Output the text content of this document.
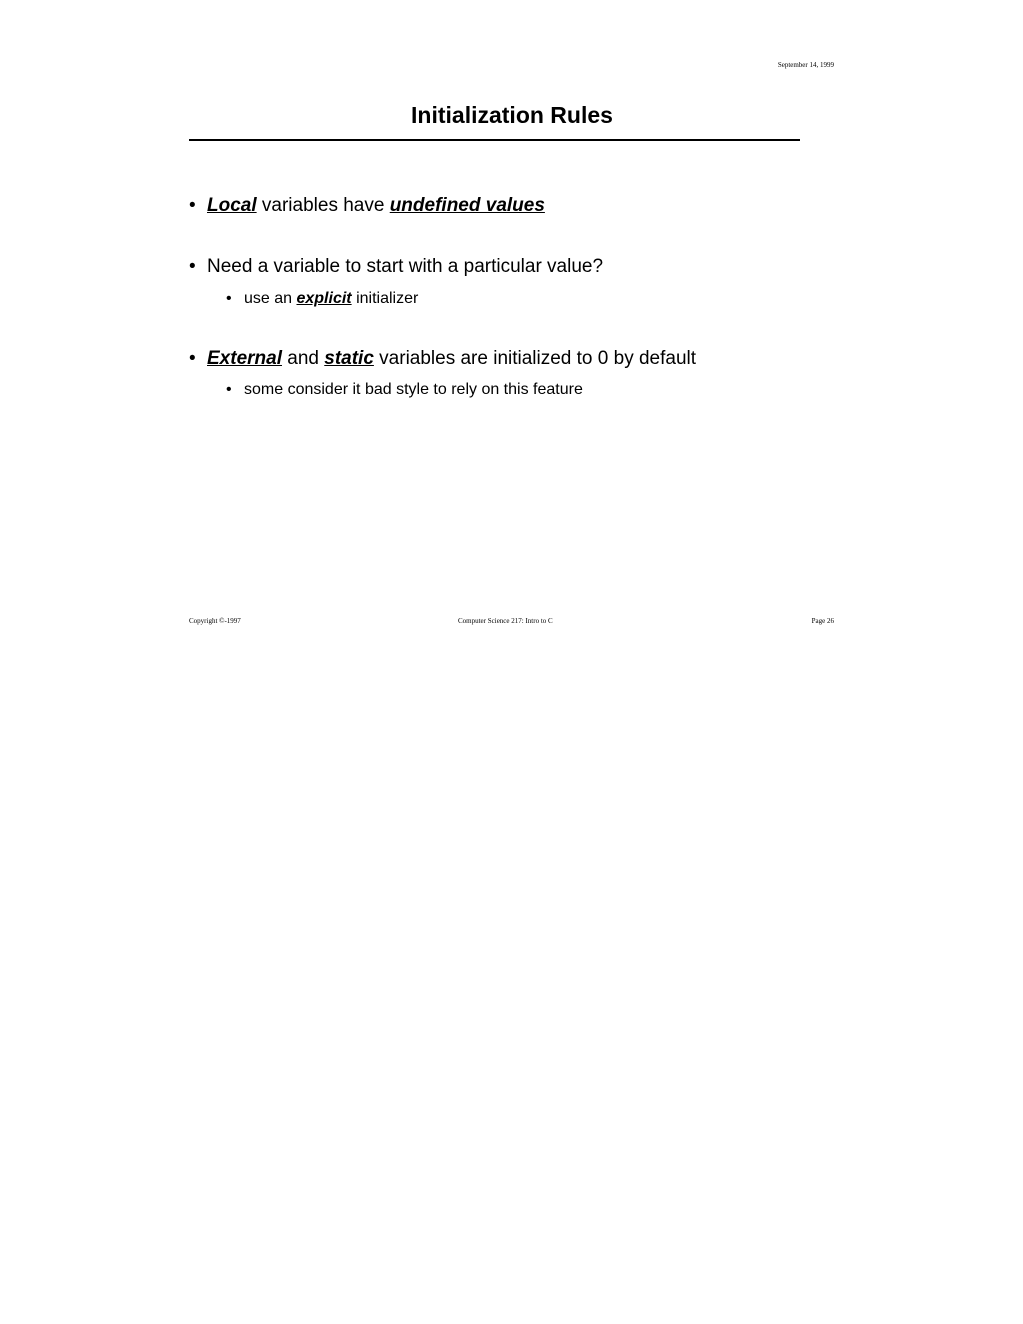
September 14, 1999
Initialization Rules
• Local variables have undefined values
• Need a variable to start with a particular value?
• use an explicit initializer
• External and static variables are initialized to 0 by default
• some consider it bad style to rely on this feature
Copyright ©-1997	Computer Science 217: Intro to C	Page 26
